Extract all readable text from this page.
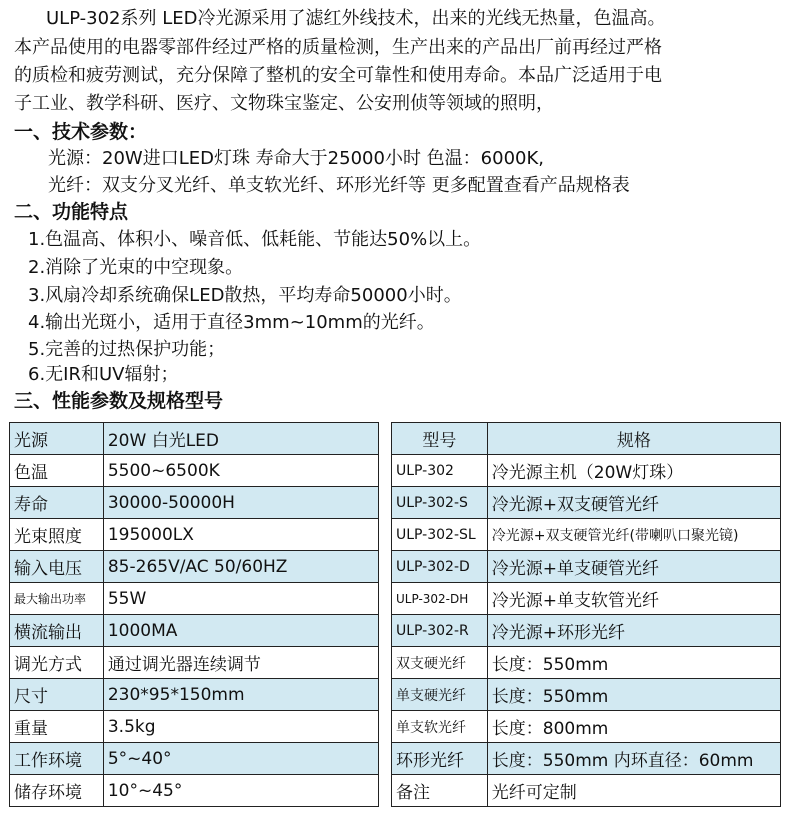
ULP-302系列 LED冷光源采用了滤红外线技术，出来的光线无热量，色温高。
本产品使用的电器零部件经过严格的质量检测，生产出来的产品出厂前再经过严格
的质检和疲劳测试，充分保障了整机的安全可靠性和使用寿命。本品广泛适用于电
子工业、教学科研、医疗、文物珠宝鉴定、公安刑侦等领域的照明，
一、技术参数：
光源：20W进口LED灯珠 寿命大于25000小时 色温：6000K,
光纤：双支分叉光纤、单支软光纤、环形光纤等 更多配置查看产品规格表
二、功能特点
1.色温高、体积小、噪音低、低耗能、节能达50%以上。
2.消除了光束的中空现象。
3.风扇冷却系统确保LED散热，平均寿命50000小时。
4.输出光斑小，适用于直径3mm~10mm的光纤。
5.完善的过热保护功能；
6.无IR和UV辐射；
三、性能参数及规格型号
光源	20W 白光LED
色温	5500~6500K
寿命	30000-50000H
光束照度	195000LX
输入电压	85-265V/AC 50/60HZ
最大输出功率	55W
横流输出	1000MA
调光方式	通过调光器连续调节
尺寸	230*95*150mm
重量	3.5kg
工作环境	5°~40°
储存环境	10°~45°
型号	规格
ULP-302	冷光源主机（20W灯珠）
ULP-302-S	冷光源+双支硬管光纤
ULP-302-SL	冷光源+双支硬管光纤(带喇叭口聚光镜)
ULP-302-D	冷光源+单支硬管光纤
ULP-302-DH	冷光源+单支软管光纤
ULP-302-R	冷光源+环形光纤
双支硬光纤	长度：550mm
单支硬光纤	长度：550mm
单支软光纤	长度：800mm
环形光纤	长度：550mm 内环直径：60mm
备注	光纤可定制
